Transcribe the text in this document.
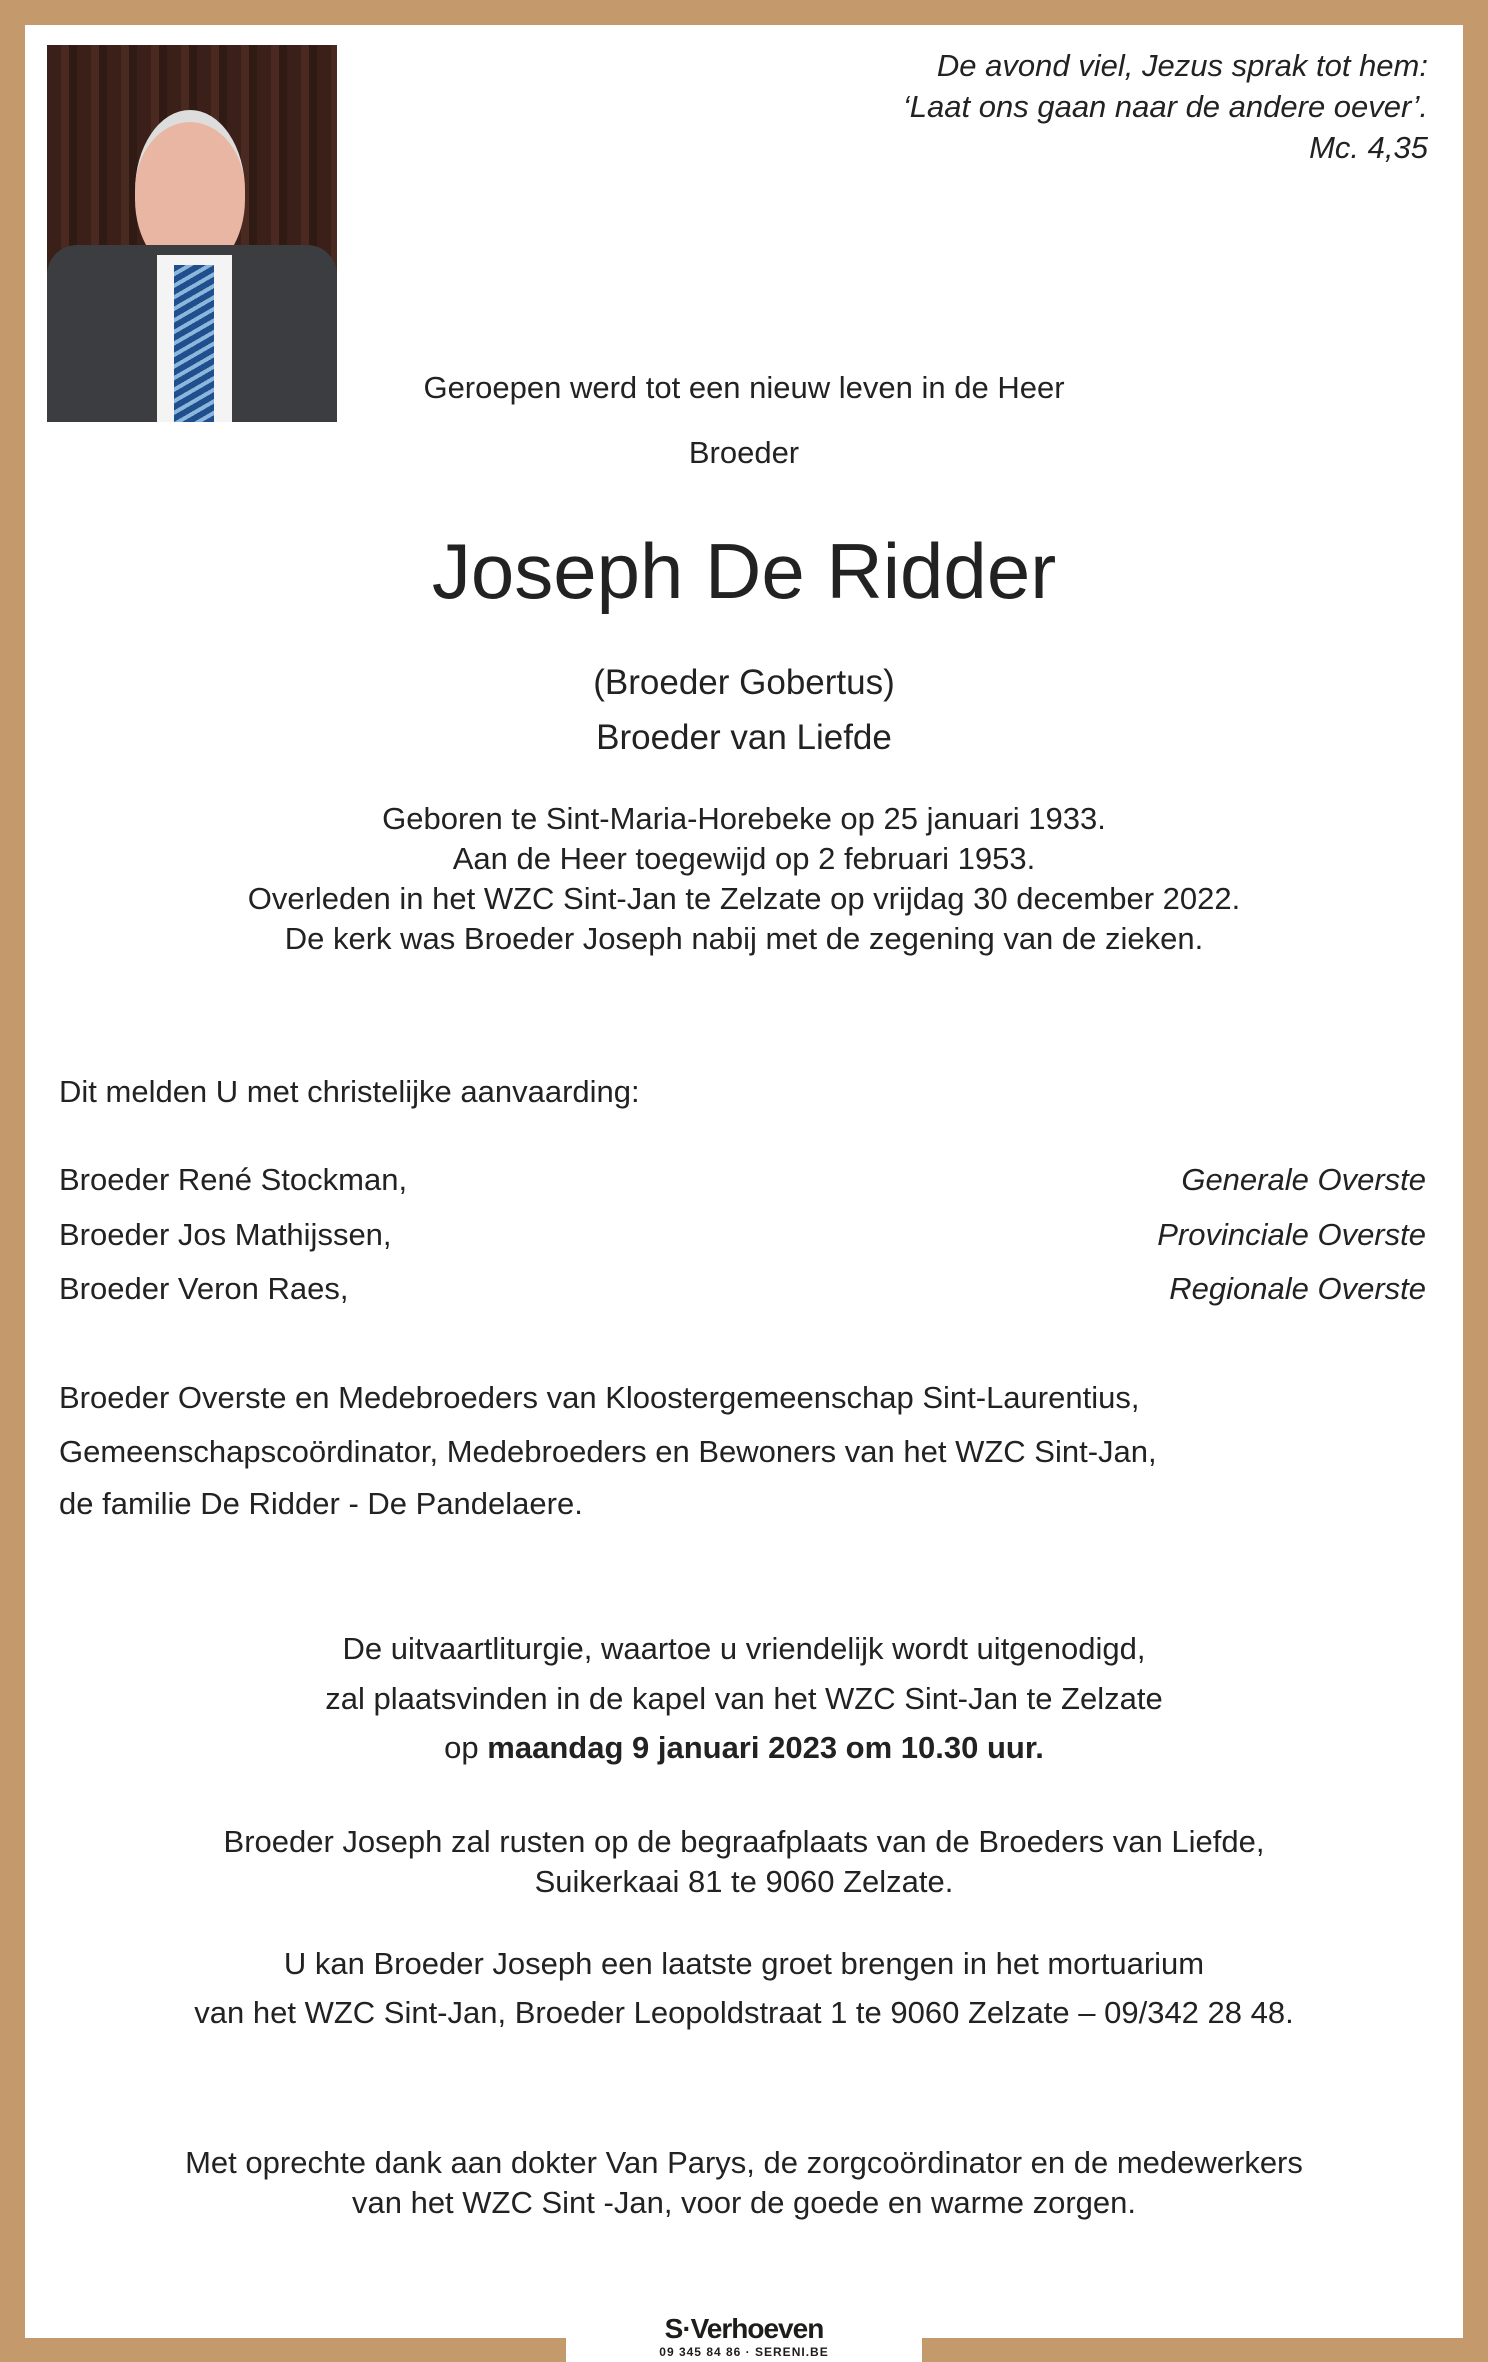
De avond viel, Jezus sprak tot hem:
‘Laat ons gaan naar de andere oever’.
Mc. 4,35
Geroepen werd tot een nieuw leven in de Heer
Broeder
Joseph De Ridder
(Broeder Gobertus)
Broeder van Liefde
Geboren te Sint-Maria-Horebeke op 25 januari 1933.
Aan de Heer toegewijd op 2 februari 1953.
Overleden in het WZC Sint-Jan te Zelzate op vrijdag 30 december 2022.
De kerk was Broeder Joseph nabij met de zegening van de zieken.
Dit melden U met christelijke aanvaarding:
Broeder René Stockman,	Generale Overste
Broeder Jos Mathijssen,	Provinciale Overste
Broeder Veron Raes,	Regionale Overste
Broeder Overste en Medebroeders van Kloostergemeenschap Sint-Laurentius,
Gemeenschapscoördinator, Medebroeders en Bewoners van het WZC Sint-Jan,
de familie De Ridder - De Pandelaere.
De uitvaartliturgie, waartoe u vriendelijk wordt uitgenodigd,
zal plaatsvinden in de kapel van het WZC Sint-Jan te Zelzate
op maandag 9 januari 2023 om 10.30 uur.
Broeder Joseph zal rusten op de begraafplaats van de Broeders van Liefde,
Suikerkaai 81 te 9060 Zelzate.
U kan Broeder Joseph een laatste groet brengen in het mortuarium
van het WZC Sint-Jan, Broeder Leopoldstraat 1 te 9060 Zelzate – 09/342 28 48.
Met oprechte dank aan dokter Van Parys, de zorgcoördinator en de medewerkers
van het WZC Sint -Jan, voor de goede en warme zorgen.
S·Verhoeven
09 345 84 86 · SERENI.BE
